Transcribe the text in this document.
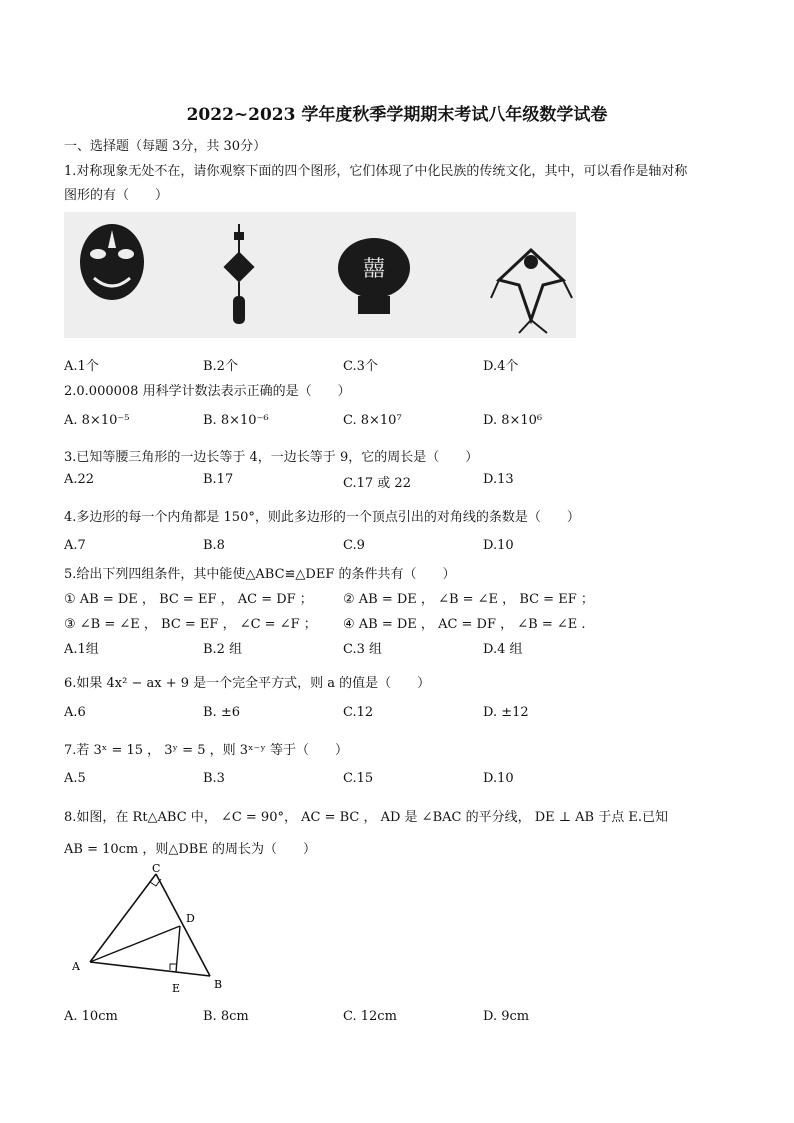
2022~2023 学年度秋季学期期末考试八年级数学试卷
一、选择题（每题 3分，共 30分）
1.对称现象无处不在，请你观察下面的四个图形，它们体现了中化民族的传统文化，其中，可以看作是轴对称
图形的有（　　）
囍
A.1个	B.2个	C.3个	D.4个
2.0.000008 用科学计数法表示正确的是（　　）
A. 8×10⁻⁵	B. 8×10⁻⁶	C. 8×10⁷	D. 8×10⁶
3.已知等腰三角形的一边长等于 4，一边长等于 9，它的周长是（　　）
A.22	B.17	C.17 或 22	D.13
4.多边形的每一个内角都是 150°，则此多边形的一个顶点引出的对角线的条数是（　　）
A.7	B.8	C.9	D.10
5.给出下列四组条件，其中能使△ABC≌△DEF 的条件共有（　　）
① AB = DE ， BC = EF ， AC = DF ； ② AB = DE ， ∠B = ∠E ， BC = EF ；
③ ∠B = ∠E ， BC = EF ， ∠C = ∠F ； ④ AB = DE ， AC = DF ， ∠B = ∠E .
A.1组	B.2 组	C.3 组	D.4 组
6.如果 4x² − ax + 9 是一个完全平方式，则 a 的值是（　　）
A.6	B. ±6	C.12	D. ±12
7.若 3ˣ = 15 ， 3ʸ = 5 ，则 3ˣ⁻ʸ 等于（　　）
A.5	B.3	C.15	D.10
8.如图，在 Rt△ABC 中， ∠C = 90°， AC = BC ， AD 是 ∠BAC 的平分线， DE ⊥ AB 于点 E.已知
AB = 10cm ，则△DBE 的周长为（　　）
C
D
A
E	B
A. 10cm	B. 8cm	C. 12cm	D. 9cm
